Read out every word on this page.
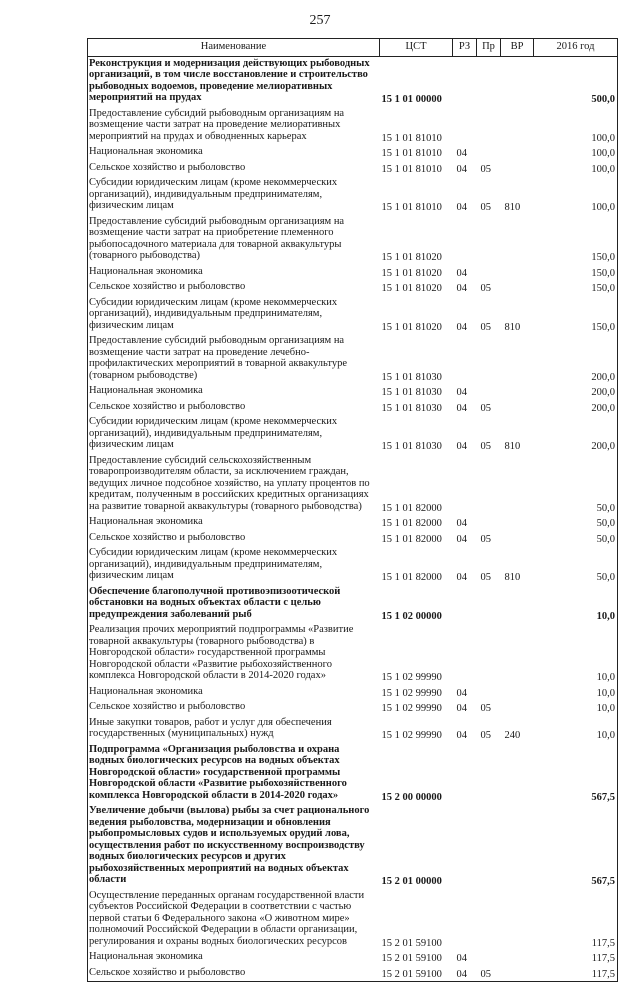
257
Наименование	ЦСТ	РЗ	Пр	ВР	2016 год
Реконструкция и модернизация действующих рыбоводных организаций, в том числе восстановление и строительство рыбоводных водоемов, проведение мелиоративных мероприятий на прудах	15 1 01 00000				500,0
Предоставление субсидий рыбоводным организациям на возмещение части затрат на проведение мелиоративных мероприятий на прудах и обводненных карьерах	15 1 01 81010				100,0
Национальная экономика	15 1 01 81010	04			100,0
Сельское хозяйство и рыболовство	15 1 01 81010	04	05		100,0
Субсидии юридическим лицам (кроме некоммерческих организаций), индивидуальным предпринимателям, физическим лицам	15 1 01 81010	04	05	810	100,0
Предоставление субсидий рыбоводным организациям на возмещение части затрат на приобретение племенного рыбопосадочного материала для товарной аквакультуры (товарного рыбоводства)	15 1 01 81020				150,0
Национальная экономика	15 1 01 81020	04			150,0
Сельское хозяйство и рыболовство	15 1 01 81020	04	05		150,0
Субсидии юридическим лицам (кроме некоммерческих организаций), индивидуальным предпринимателям, физическим лицам	15 1 01 81020	04	05	810	150,0
Предоставление субсидий рыбоводным организациям на возмещение части затрат на проведение лечебно-профилактических мероприятий в товарной аквакультуре (товарном рыбоводстве)	15 1 01 81030				200,0
Национальная экономика	15 1 01 81030	04			200,0
Сельское хозяйство и рыболовство	15 1 01 81030	04	05		200,0
Субсидии юридическим лицам (кроме некоммерческих организаций), индивидуальным предпринимателям, физическим лицам	15 1 01 81030	04	05	810	200,0
Предоставление субсидий сельскохозяйственным товаропроизводителям области, за исключением граждан, ведущих личное подсобное хозяйство, на уплату процентов по кредитам, полученным в российских кредитных организациях на развитие товарной аквакультуры (товарного рыбоводства)	15 1 01 82000				50,0
Национальная экономика	15 1 01 82000	04			50,0
Сельское хозяйство и рыболовство	15 1 01 82000	04	05		50,0
Субсидии юридическим лицам (кроме некоммерческих организаций), индивидуальным предпринимателям, физическим лицам	15 1 01 82000	04	05	810	50,0
Обеспечение благополучной противоэпизоотической обстановки на водных объектах области с целью предупреждения заболеваний рыб	15 1 02 00000				10,0
Реализация прочих мероприятий подпрограммы «Развитие товарной аквакультуры (товарного рыбоводства) в Новгородской области» государственной программы Новгородской области «Развитие рыбохозяйственного комплекса Новгородской области в 2014-2020 годах»	15 1 02 99990				10,0
Национальная экономика	15 1 02 99990	04			10,0
Сельское хозяйство и рыболовство	15 1 02 99990	04	05		10,0
Иные закупки товаров, работ и услуг для обеспечения государственных (муниципальных) нужд	15 1 02 99990	04	05	240	10,0
Подпрограмма «Организация рыболовства и охрана водных биологических ресурсов на водных объектах Новгородской области» государственной программы Новгородской области «Развитие рыбохозяйственного комплекса Новгородской области в 2014-2020 годах»	15 2 00 00000				567,5
Увеличение добычи (вылова) рыбы за счет рационального ведения рыболовства, модернизации и обновления рыбопромысловых судов и используемых орудий лова, осуществления работ по искусственному воспроизводству водных биологических ресурсов и других рыбохозяйственных мероприятий на водных объектах области	15 2 01 00000				567,5
Осуществление переданных органам государственной власти субъектов Российской Федерации в соответствии с частью первой статьи 6 Федерального закона «О животном мире» полномочий Российской Федерации в области организации, регулирования и охраны водных биологических ресурсов	15 2 01 59100				117,5
Национальная экономика	15 2 01 59100	04			117,5
Сельское хозяйство и рыболовство	15 2 01 59100	04	05		117,5
